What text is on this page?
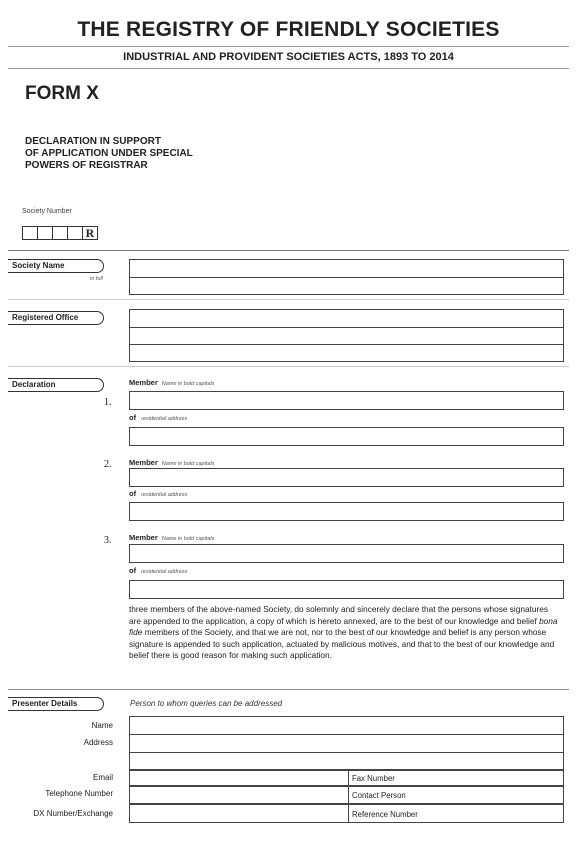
THE REGISTRY OF FRIENDLY SOCIETIES
INDUSTRIAL AND PROVIDENT SOCIETIES ACTS, 1893 TO 2014
FORM X
DECLARATION IN SUPPORT
OF APPLICATION UNDER SPECIAL
POWERS OF REGISTRAR
Society Number
R
Society Name
in full
Registered Office
Declaration	Member Name in bold capitals
1.
of residential address
2. Member Name in bold capitals
of residential address
3. Member Name in bold capitals
of residential address

three members of the above-named Society, do solemnly and sincerely declare that the persons whose signatures are appended to the application, a copy of which is hereto annexed, are to the best of our knowledge and belief bona fide members of the Society, and that we are not, nor to the best of our knowledge and belief is any person whose signature is appended to such application, actuated by malicious motives, and that to the best of our knowledge and belief there is good reason for making such application.

Presenter Details	Person to whom queries can be addressed
Name
Address
Email
Telephone Number
DX Number/Exchange
Fax Number
Contact Person
Reference Number
